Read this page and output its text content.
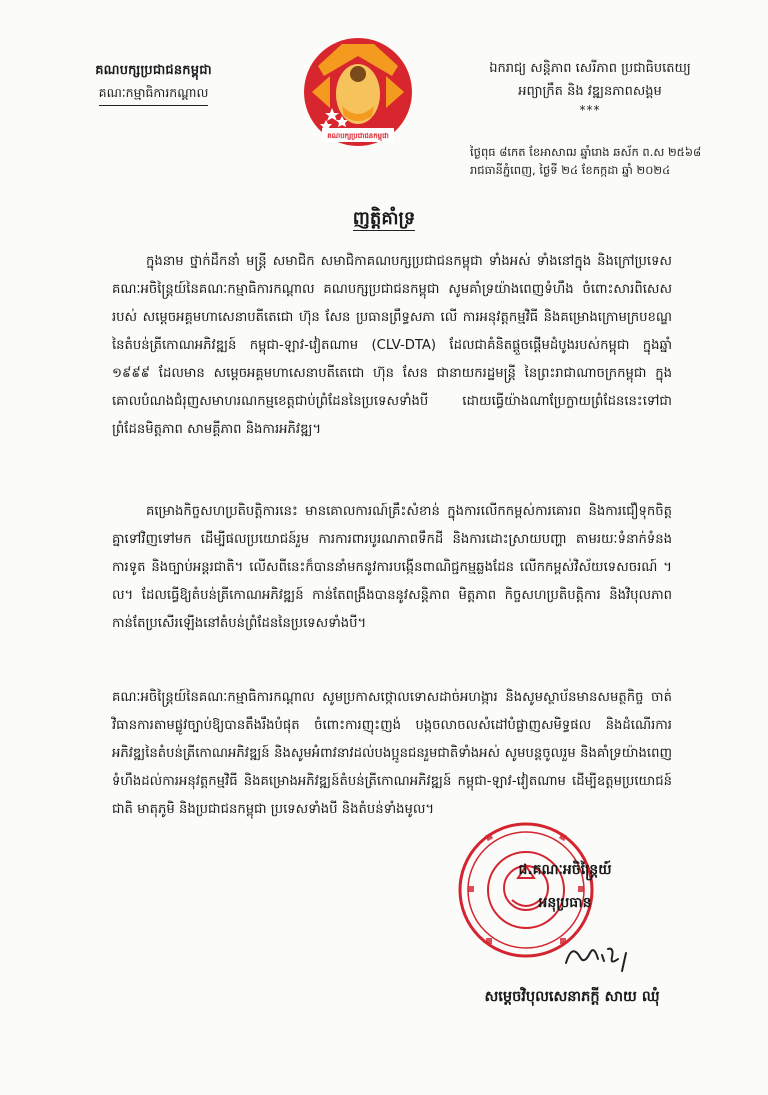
គណបក្សប្រជាជនកម្ពុជា
គណៈកម្មាធិការកណ្ដាល
គណបក្សប្រជាជនកម្ពុជា
ឯករាជ្យ សន្តិភាព សេរីភាព ប្រជាធិបតេយ្យ
អព្យាក្រឹត និង វឌ្ឍនភាពសង្គម
***
ថ្ងៃពុធ ៨កេត ខែអាសាឍ ឆ្នាំរោង ឆស័ក ព.ស ២៥៦៨
រាជធានីភ្នំពេញ, ថ្ងៃទី ២៤ ខែកក្កដា ឆ្នាំ ២០២៤
ញត្តិគាំទ្រ
ក្នុងនាម ថ្នាក់ដឹកនាំ មន្ត្រី សមាជិក សមាជិកាគណបក្សប្រជាជនកម្ពុជា ទាំងអស់ ទាំងនៅក្នុង និងក្រៅប្រទេស គណៈអចិន្ត្រៃយ៍នៃគណៈកម្មាធិការកណ្ដាល គណបក្សប្រជាជនកម្ពុជា សូមគាំទ្រយ៉ាងពេញទំហឹង ចំពោះសារពិសេសរបស់ សម្ដេចអគ្គមហាសេនាបតីតេជោ ហ៊ុន សែន ប្រធានព្រឹទ្ធសភា លើ ការអនុវត្តកម្មវិធី និងគម្រោងក្រោមក្របខណ្ឌនៃតំបន់ត្រីកោណអភិវឌ្ឍន៍ កម្ពុជា-ឡាវ-វៀតណាម (CLV-DTA) ដែលជាគំនិតផ្ដួចផ្ដើមដំបូងរបស់កម្ពុជា ក្នុងឆ្នាំ ១៩៩៩ ដែលមាន សម្ដេចអគ្គមហាសេនាបតីតេជោ ហ៊ុន សែន ជានាយករដ្ឋមន្ត្រី នៃព្រះរាជាណាចក្រកម្ពុជា ក្នុងគោលបំណងជំរុញសមាហរណកម្មខេត្តជាប់ព្រំដែននៃប្រទេសទាំងបី ដោយធ្វើយ៉ាងណាប្រែក្លាយព្រំដែននេះទៅជាព្រំដែនមិត្តភាព សាមគ្គីភាព និងការអភិវឌ្ឍ។
គម្រោងកិច្ចសហប្រតិបត្តិការនេះ មានគោលការណ៍គ្រឹះសំខាន់ ក្នុងការលើកកម្ពស់ការគោរព និងការជឿទុកចិត្តគ្នាទៅវិញទៅមក ដើម្បីផលប្រយោជន៍រួម ការការពារបូរណភាពទឹកដី និងការដោះស្រាយបញ្ហា តាមរយៈទំនាក់ទំនងការទូត និងច្បាប់អន្តរជាតិ។ លើសពីនេះក៏បាននាំមកនូវការបង្កើនពាណិជ្ជកម្មឆ្លងដែន លើកកម្ពស់វិស័យទេសចរណ៍ ។ល។ ដែលធ្វើឱ្យតំបន់ត្រីកោណអភិវឌ្ឍន៍ កាន់តែពង្រឹងបាននូវសន្តិភាព មិត្តភាព កិច្ចសហប្រតិបត្តិការ និងវិបុលភាព កាន់តែប្រសើរឡើងនៅតំបន់ព្រំដែននៃប្រទេសទាំងបី។
គណៈអចិន្ត្រៃយ៍នៃគណៈកម្មាធិការកណ្ដាល សូមប្រកាសថ្កោលទោសដាច់អហង្ការ និងសូមស្ថាប័នមានសមត្ថកិច្ច ចាត់វិធានការតាមផ្លូវច្បាប់ឱ្យបានតឹងរឹងបំផុត ចំពោះការញុះញង់ បង្កចលាចលសំដៅបំផ្លាញសមិទ្ធផល និងដំណើរការអភិវឌ្ឍនៃតំបន់ត្រីកោណអភិវឌ្ឍន៍ និងសូមអំពាវនាវដល់បងប្អូនជនរួមជាតិទាំងអស់ សូមបន្តចូលរួម និងគាំទ្រយ៉ាងពេញទំហឹងដល់ការអនុវត្តកម្មវិធី និងគម្រោងអភិវឌ្ឍន៍តំបន់ត្រីកោណអភិវឌ្ឍន៍ កម្ពុជា-ឡាវ-វៀតណាម ដើម្បីឧត្ដមប្រយោជន៍ជាតិ មាតុភូមិ និងប្រជាជនកម្ពុជា ប្រទេសទាំងបី និងតំបន់ទាំងមូល។
ជ.គណៈអចិន្ត្រៃយ៍
អនុប្រធាន
សម្ដេចវិបុលសេនាភក្តី សាយ ឈុំ
